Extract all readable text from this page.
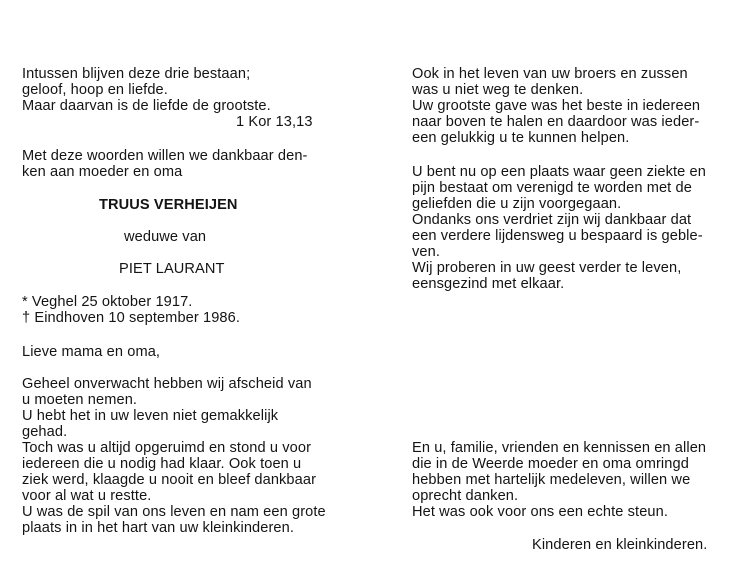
Intussen blijven deze drie bestaan;

geloof, hoop en liefde.

Maar daarvan is de liefde de grootste.

1 Kor 13,13

Met deze woorden willen we dankbaar den-

ken aan moeder en oma

TRUUS VERHEIJEN

weduwe van

PIET LAURANT

* Veghel 25 oktober 1917.

† Eindhoven 10 september 1986.

Lieve mama en oma,

Geheel onverwacht hebben wij afscheid van

u moeten nemen.

U hebt het in uw leven niet gemakkelijk

gehad.

Toch was u altijd opgeruimd en stond u voor

iedereen die u nodig had klaar. Ook toen u

ziek werd, klaagde u nooit en bleef dankbaar

voor al wat u restte.

U was de spil van ons leven en nam een grote

plaats in in het hart van uw kleinkinderen.

Ook in het leven van uw broers en zussen

was u niet weg te denken.

Uw grootste gave was het beste in iedereen

naar boven te halen en daardoor was ieder-

een gelukkig u te kunnen helpen.

U bent nu op een plaats waar geen ziekte en

pijn bestaat om verenigd te worden met de

geliefden die u zijn voorgegaan.

Ondanks ons verdriet zijn wij dankbaar dat

een verdere lijdensweg u bespaard is geble-

ven.

Wij proberen in uw geest verder te leven,

eensgezind met elkaar.

En u, familie, vrienden en kennissen en allen

die in de Weerde moeder en oma omringd

hebben met hartelijk medeleven, willen we

oprecht danken.

Het was ook voor ons een echte steun.

Kinderen en kleinkinderen.
